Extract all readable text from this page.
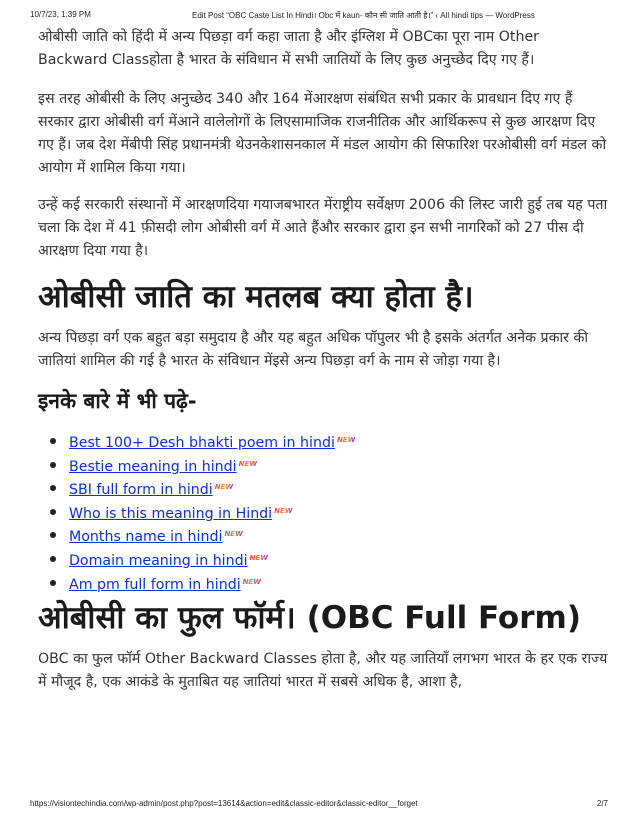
10/7/23, 1:39 PM	Edit Post “OBC Caste List In Hindi। Obc में kaun- कौन सी जाति आती है।” ‹ All hindi tips — WordPress

ओबीसी जाति को हिंदी में अन्य पिछड़ा वर्ग कहा जाता है और इंग्लिश में OBCका पूरा नाम Other Backward Classहोता है भारत के संविधान में सभी जातियों के लिए कुछ अनुच्छेद दिए गए हैं।

इस तरह ओबीसी के लिए अनुच्छेद 340 और 164 मेंआरक्षण संबंधित सभी प्रकार के प्रावधान दिए गए हैं सरकार द्वारा ओबीसी वर्ग मेंआने वालेलोगों के लिएसामाजिक राजनीतिक और आर्थिकरूप से कुछ आरक्षण दिए गए हैं। जब देश मेंबीपी सिंह प्रधानमंत्री थेउनकेशासनकाल में मंडल आयोग की सिफारिश परओबीसी वर्ग मंडल को आयोग में शामिल किया गया।

उन्हें कई सरकारी संस्थानों में आरक्षणदिया गयाजबभारत मेंराष्ट्रीय सर्वेक्षण 2006 की लिस्ट जारी हुई तब यह पता चला कि देश में 41 फ़ीसदी लोग ओबीसी वर्ग में आते हैंऔर सरकार द्वारा इन सभी नागरिकों को 27 पीस दी आरक्षण दिया गया है।

ओबीसी जाति का मतलब क्या होता है।

अन्य पिछड़ा वर्ग एक बहुत बड़ा समुदाय है और यह बहुत अधिक पॉपुलर भी है इसके अंतर्गत अनेक प्रकार की जातियां शामिल की गई है भारत के संविधान मेंइसे अन्य पिछड़ा वर्ग के नाम से जोड़ा गया है।

इनके बारे में भी पढ़े-
Best 100+ Desh bhakti poem in hindi $^{NEW}$
Bestie meaning in hindi $^{NEW}$
SBI full form in hindi $^{NEW}$
Who is this meaning in Hindi $^{NEW}$
Months name in hindi $^{NEW}$
Domain meaning in hindi $^{NEW}$
Am pm full form in hindi $^{NEW}$
ओबीसी का फुल फॉर्म। (OBC Full Form)

OBC का फुल फॉर्म Other Backward Classes होता है, और यह जातियाँ लगभग भारत के हर एक राज्य में मौजूद है, एक आकंडे के मुताबित यह जातियां भारत में सबसे अधिक है, आशा है,

https://visiontechindia.com/wp-admin/post.php?post=13614&action=edit&classic-editor&classic-editor__forget	2/7
